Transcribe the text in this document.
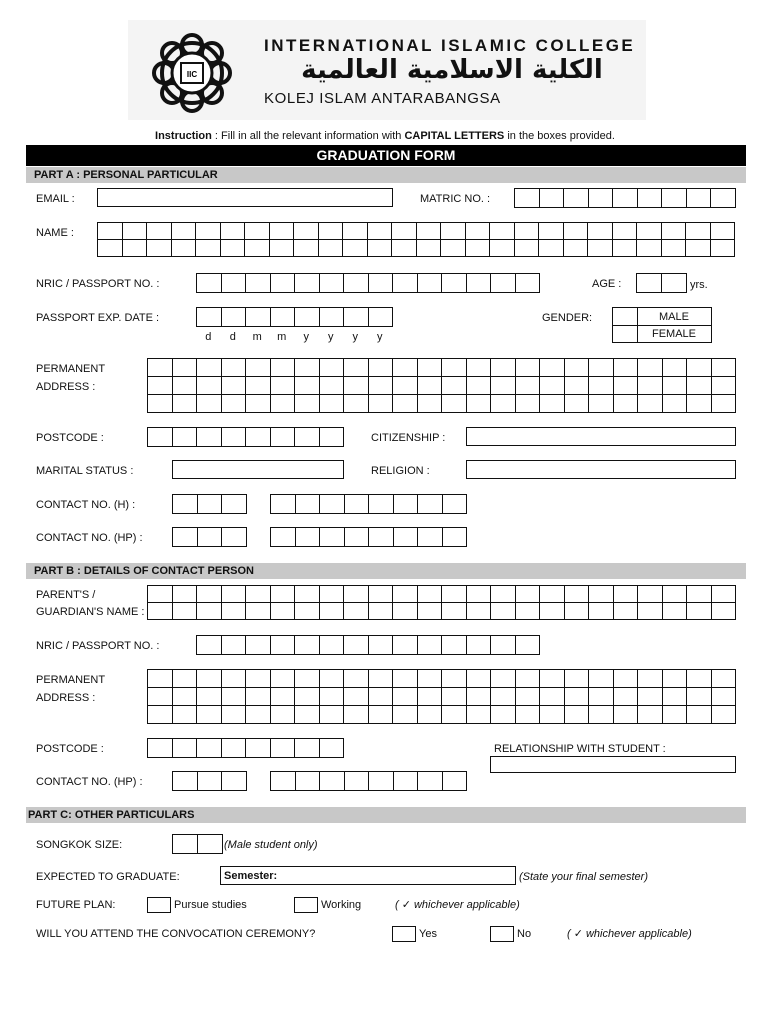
IIC
INTERNATIONAL ISLAMIC COLLEGE
الكلية الاسلامية العالمية
KOLEJ ISLAM ANTARABANGSA
Instruction : Fill in all the relevant information with CAPITAL LETTERS in the boxes provided.
GRADUATION FORM
PART A : PERSONAL PARTICULAR
EMAIL :	MATRIC NO. :
NAME :
NRIC / PASSPORT NO. :	AGE :	yrs.
PASSPORT EXP. DATE :
d d m m y y y y
GENDER:	MALE
FEMALE
PERMANENT
ADDRESS :
POSTCODE :	CITIZENSHIP :
MARITAL STATUS :	RELIGION :
CONTACT NO. (H) :
CONTACT NO. (HP) :
PART B : DETAILS OF CONTACT PERSON
PARENT'S /
GUARDIAN'S NAME :
NRIC / PASSPORT NO. :
PERMANENT
ADDRESS :
POSTCODE :	RELATIONSHIP WITH STUDENT :
CONTACT NO. (HP) :
PART C: OTHER PARTICULARS
SONGKOK SIZE:	(Male student only)
EXPECTED TO GRADUATE:	Semester:	(State your final semester)
FUTURE PLAN:	Pursue studies	Working	( ✓ whichever applicable)
WILL YOU ATTEND THE CONVOCATION CEREMONY?	Yes	No	( ✓ whichever applicable)
